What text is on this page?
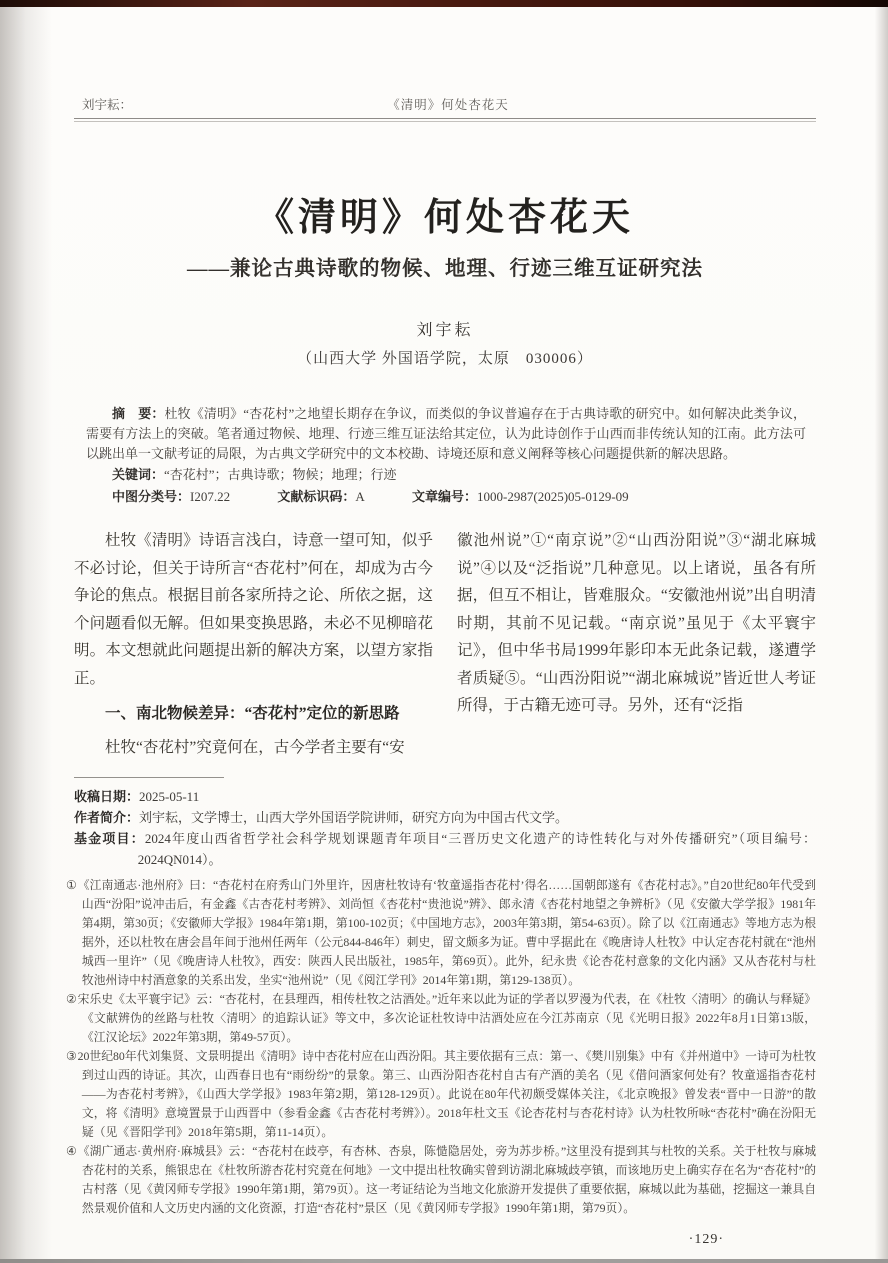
刘宇耘：	《清明》何处杏花天
《清明》何处杏花天
——兼论古典诗歌的物候、地理、行迹三维互证研究法
刘宇耘
（山西大学 外国语学院，太原　030006）

摘　要：杜牧《清明》“杏花村”之地望长期存在争议，而类似的争议普遍存在于古典诗歌的研究中。如何解决此类争议，需要有方法上的突破。笔者通过物候、地理、行迹三维互证法给其定位，认为此诗创作于山西而非传统认知的江南。此方法可以跳出单一文献考证的局限，为古典文学研究中的文本校勘、诗境还原和意义阐释等核心问题提供新的解决思路。

关键词：“杏花村”；古典诗歌；物候；地理；行迹

中图分类号：I207.22	文献标识码：A	文章编号：1000-2987(2025)05-0129-09

杜牧《清明》诗语言浅白，诗意一望可知，似乎不必讨论，但关于诗所言“杏花村”何在，却成为古今争论的焦点。根据目前各家所持之论、所依之据，这个问题看似无解。但如果变换思路，未必不见柳暗花明。本文想就此问题提出新的解决方案，以望方家指正。

一、南北物候差异：“杏花村”定位的新思路

杜牧“杏花村”究竟何在，古今学者主要有“安

徽池州说”①“南京说”②“山西汾阳说”③“湖北麻城说”④以及“泛指说”几种意见。以上诸说，虽各有所据，但互不相让，皆难服众。“安徽池州说”出自明清时期，其前不见记载。“南京说”虽见于《太平寰宇记》，但中华书局1999年影印本无此条记载，遂遭学者质疑⑤。“山西汾阳说”“湖北麻城说”皆近世人考证所得，于古籍无迹可寻。另外，还有“泛指

收稿日期：2025-05-11

作者简介：刘宇耘，文学博士，山西大学外国语学院讲师，研究方向为中国古代文学。

基金项目：2024年度山西省哲学社会科学规划课题青年项目“三晋历史文化遗产的诗性转化与对外传播研究”（项目编号：2024QN014）。

①《江南通志·池州府》曰：“杏花村在府秀山门外里许，因唐杜牧诗有‘牧童遥指杏花村’得名……国朝郎遂有《杏花村志》。”自20世纪80年代受到山西“汾阳”说冲击后，有金鑫《古杏花村考辨》、刘尚恒《杏花村“贵池说”辨》、郎永清《杏花村地望之争辨析》（见《安徽大学学报》1981年第4期，第30页；《安徽师大学报》1984年第1期，第100-102页；《中国地方志》，2003年第3期，第54-63页）。除了以《江南通志》等地方志为根据外，还以杜牧在唐会昌年间于池州任两年（公元844-846年）刺史，留文颇多为证。曹中孚据此在《晚唐诗人杜牧》中认定杏花村就在“池州城西一里许”（见《晚唐诗人杜牧》，西安：陕西人民出版社，1985年，第69页）。此外，纪永贵《论杏花村意象的文化内涵》又从杏花村与杜牧池州诗中村酒意象的关系出发，坐实“池州说”（见《阅江学刊》2014年第1期，第129-138页）。

②宋乐史《太平寰宇记》云：“杏花村，在县理西，相传杜牧之沽酒处。”近年来以此为证的学者以罗漫为代表，在《杜牧〈清明〉的确认与释疑》《文献辨伪的丝路与杜牧〈清明〉的追踪认证》等文中，多次论证杜牧诗中沽酒处应在今江苏南京（见《光明日报》2022年8月1日第13版，《江汉论坛》2022年第3期，第49-57页）。

③20世纪80年代刘集贤、文景明提出《清明》诗中杏花村应在山西汾阳。其主要依据有三点：第一、《樊川别集》中有《并州道中》一诗可为杜牧到过山西的诗证。其次，山西春日也有“雨纷纷”的景象。第三、山西汾阳杏花村自古有产酒的美名（见《借问酒家何处有？牧童遥指杏花村——为杏花村考辨》，《山西大学学报》1983年第2期，第128-129页）。此说在80年代初颇受媒体关注，《北京晚报》曾发表“晋中一日游”的散文，将《清明》意境置景于山西晋中（参看金鑫《古杏花村考辨》）。2018年杜文玉《论杏花村与杏花村诗》认为杜牧所咏“杏花村”确在汾阳无疑（见《晋阳学刊》2018年第5期，第11-14页）。

④《湖广通志·黄州府·麻城县》云：“杏花村在歧亭，有杏林、杏泉，陈慥隐居处，旁为苏步桥。”这里没有提到其与杜牧的关系。关于杜牧与麻城杏花村的关系，熊银忠在《杜牧所游杏花村究竟在何地》一文中提出杜牧确实曾到访湖北麻城歧亭镇，而该地历史上确实存在名为“杏花村”的古村落（见《黄冈师专学报》1990年第1期，第79页）。这一考证结论为当地文化旅游开发提供了重要依据，麻城以此为基础，挖掘这一兼具自然景观价值和人文历史内涵的文化资源，打造“杏花村”景区（见《黄冈师专学报》1990年第1期，第79页）。

·129·
